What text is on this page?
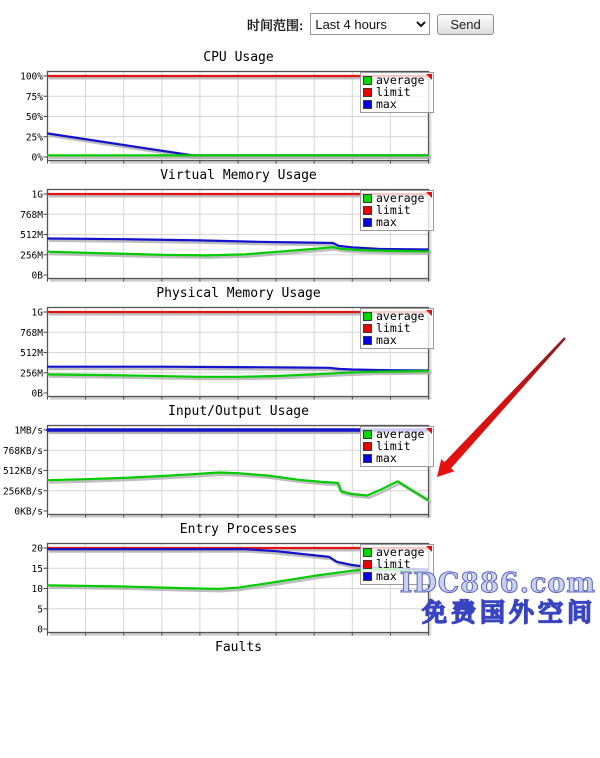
时间范围:
Last 4 hours	Send
CPU Usage
100%
75%
50%
25%
0%
average
limit
max
Virtual Memory Usage
1G
768M
512M
256M
0B
average
limit
max
Physical Memory Usage
1G
768M
512M
256M
0B
average
limit
max
Input/Output Usage
1MB/s
768KB/s
512KB/s
256KB/s
0KB/s
average
limit
max
Entry Processes
20
15
10
5
0
average
limit
max
Faults
IDC886.com
免费国外空间
